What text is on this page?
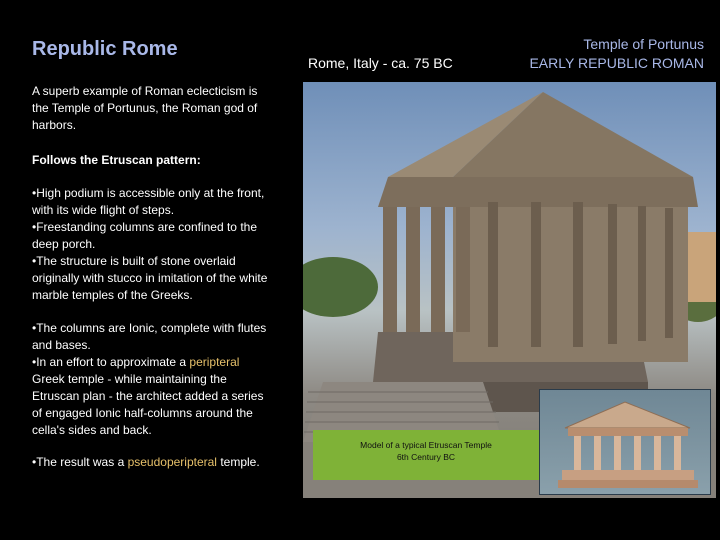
Republic Rome
Rome, Italy - ca. 75 BC
Temple of Portunus
EARLY REPUBLIC ROMAN
A superb example of Roman eclecticism is the Temple of Portunus, the Roman god of harbors.
Follows the Etruscan pattern:
•High podium is accessible only at the front, with its wide flight of steps.
•Freestanding columns are confined to the deep porch.
•The structure is built of stone overlaid originally with stucco in imitation of the white marble temples of the Greeks.
•The columns are Ionic, complete with flutes and bases.
•In an effort to approximate a peripteral Greek temple - while maintaining the Etruscan plan - the architect added a series of engaged Ionic half-columns around the cella's sides and back.
•The result was a pseudoperipteral temple.
Model of a typical Etruscan Temple
6th Century BC
